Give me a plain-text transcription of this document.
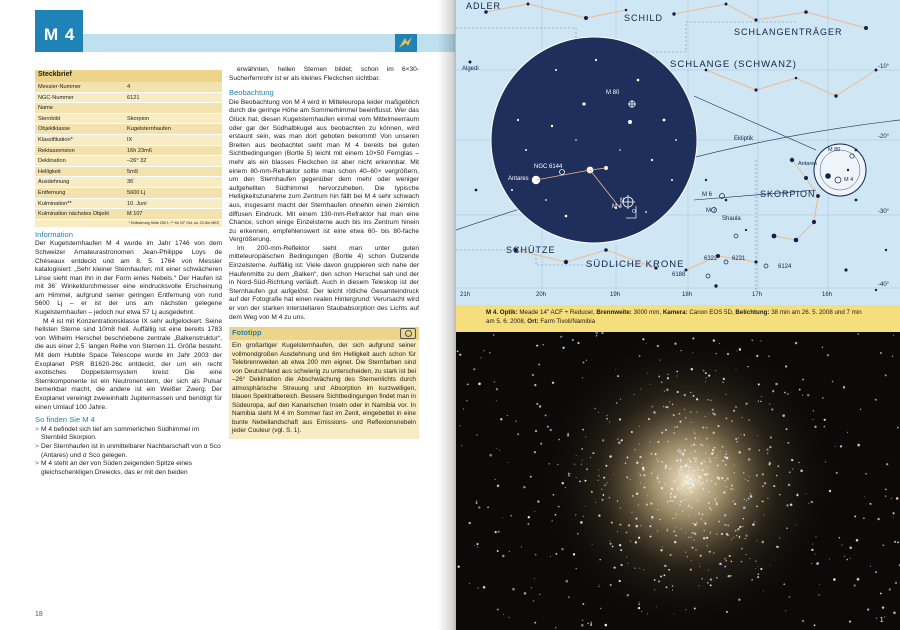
M 4
Steckbrief
Messier-Nummer	4
NGC-Nummer	6121
Name
Sternbild	Skorpion
Objektklasse	Kugelsternhaufen
Klassifikation*	IX
Rektaszension	16h 23m6
Deklination	–26° 32´
Helligkeit	5m9
Ausdehnung	36´
Entfernung	5600 Lj
Kulmination**	10. Juni
Kulmination nächstes Objekt	M 107
* Erläuterung Seite 250 f.; ** für 10° Ost, ca. 23 Uhr MEZ
Information

Der Kugelsternhaufen M 4 wurde im Jahr 1746 von dem Schweizer Amateurastronomen Jean-Philippe Loys de Chéseaux entdeckt und am 8. 5. 1764 von Messier katalogisiert: „Sehr kleiner Sternhaufen; mit einer schwächeren Linse sieht man ihn in der Form eines Nebels.“ Der Haufen ist mit 36´ Winkeldurchmesser eine eindrucksvolle Erscheinung am Himmel, aufgrund seiner geringen Entfernung von rund 5600 Lj – er ist der uns am nächsten gelegene Kugelsternhaufen – jedoch nur etwa 57 Lj ausgedehnt.

M 4 ist mit Konzentrationsklasse IX sehr aufgelockert. Seine hellsten Sterne sind 10m8 hell. Auffällig ist eine bereits 1783 von Wilhelm Herschel beschriebene zentrale „Balkenstruktur“, die aus einer 2,5´ langen Reihe von Sternen 11. Größe besteht. Mit dem Hubble Space Telescope wurde im Jahr 2003 der Exoplanet PSR B1620-26c entdeckt, der um ein recht exotisches Doppelsternsystem kreist: Die eine Sternkomponente ist ein Neutronenstern, der sich als Pulsar bemerkbar macht, die andere ist ein Weißer Zwerg. Der Exoplanet vereinigt zweieinhalb Jupitermassen und benötigt für einen Umlauf 100 Jahre.

So finden Sie M 4
> M 4 befindet sich tief am sommerlichen Südhimmel im Sternbild Skorpion.
> Der Sternhaufen ist in unmittelbarer Nachbarschaft von α Sco (Antares) und σ Sco gelegen.
> M 4 steht an der von Süden zeigenden Spitze eines gleichschenkligen Dreiecks, das er mit den beiden

erwähnten, hellen Sternen bildet; schon im 6×30-Sucherfernrohr ist er als kleines Fleckchen sichtbar.

Beobachtung

Die Beobachtung von M 4 wird in Mitteleuropa leider maßgeblich durch die geringe Höhe am Sommerhimmel beeinflusst. Wer das Glück hat, diesen Kugelsternhaufen einmal vom Mittelmeerraum oder gar der Südhalbkugel aus beobachten zu können, wird erstaunt sein, was man dort geboten bekommt! Von unseren Breiten aus beobachtet sieht man M 4 bereits bei guten Sichtbedingungen (Bortle 5) leicht mit einem 10×50 Fernglas – mehr als ein blasses Fleckchen ist aber nicht erkennbar. Mit einem 80-mm-Refraktor sollte man schon 40–60× vergrößern, um den Sternhaufen gegenüber dem mehr oder weniger aufgehellten Südhimmel hervorzuheben. Die typische Helligkeitszunahme zum Zentrum hin fällt bei M 4 sehr schwach aus, insgesamt macht der Sternhaufen ohnehin einen ziemlich diffusen Eindruck. Mit einem 130-mm-Refraktor hat man eine Chance, schon einige Einzelsterne auch bis ins Zentrum hinein zu erkennen, empfehlenswert ist eine etwa 60- bis 80-fache Vergrößerung.

Im 200-mm-Reflektor sieht man unter guten mitteleuropäischen Bedingungen (Bortle 4) schon Dutzende Einzelsterne. Auffällig ist: Viele davon gruppieren sich nahe der Haufenmitte zu dem „Balken“, den schon Herschel sah und der in Nord-Süd-Richtung verläuft. Auch in diesem Teleskop ist der Sternhaufen gut aufgelöst. Der leicht rötliche Gesamteindruck auf der Fotografie hat einen realen Hintergrund: Verursacht wird er von der starken interstellaren Staubabsorption des Lichts auf dem Weg von M 4 zu uns.

Fototipp

Ein großartiger Kugelsternhaufen, der sich aufgrund seiner vollmondgroßen Ausdehnung und 6m Helligkeit auch schon für Telebrennweiten ab etwa 200 mm eignet. Die Sternfarben sind von Deutschland aus schwierig zu unterscheiden, zu stark ist bei –26° Deklination die Abschwächung des Sternenlichts durch atmosphärische Streuung und Absorption im kurzwelligen, blauen Spektralbereich. Bessere Sichtbedingungen findet man in Südeuropa, auf den Kanarischen Inseln oder in Namibia vor. In Namibia steht M 4 im Sommer fast im Zenit, eingebettet in eine bunte Nebellandschaft aus Emissions- und Reflexionsnebeln jeder Couleur (vgl. S. 1).

18
ADLER
SCHILD
SCHLANGENTRÄGER
SCHLANGE (SCHWANZ)
SKORPION
SCHÜTZE
SÜDLICHE KRONE
Algedi
M 80
NGC 6144
Antares
M 4
Ekliptik
M 6
M 7
Shaula
6322 6231
6188
6124
M 80
M 4
Antares
-10°
-20°
-30°
-40°
21h	20h	19h	18h	17h	16h
N
O
M 4. Optik: Meade 14" ACF + Reducer, Brennweite: 3000 mm, Kamera: Canon EOS 5D, Belichtung: 38 min am 26. 5. 2008 und 7 min am 5. 6. 2008, Ort: Farm Tivoli/Namibia
1´
